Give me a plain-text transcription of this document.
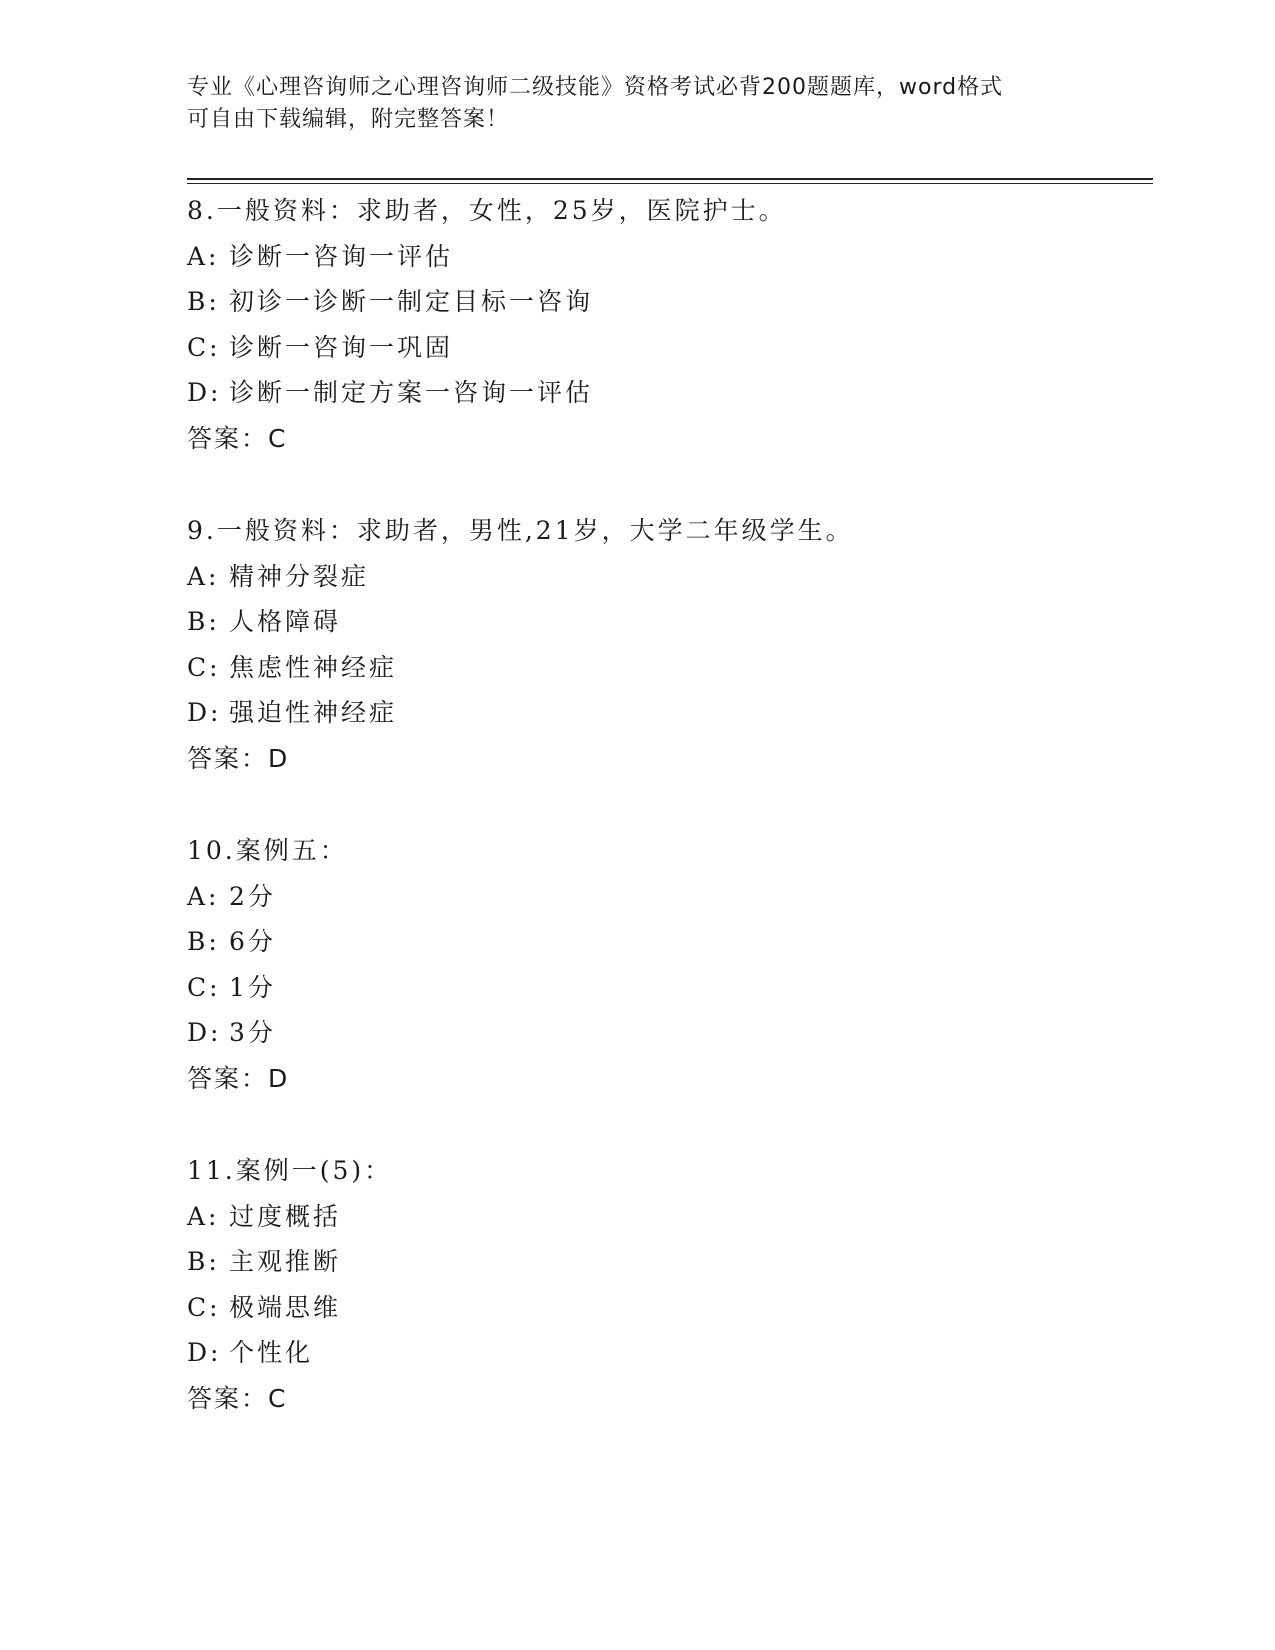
专业《心理咨询师之心理咨询师二级技能》资格考试必背200题题库，word格式
可自由下载编辑，附完整答案！
8.一般资料：求助者，女性，25岁，医院护士。
A: 诊断一咨询一评估
B: 初诊一诊断一制定目标一咨询
C: 诊断一咨询一巩固
D: 诊断一制定方案一咨询一评估
答案：C
9.一般资料：求助者，男性,21岁，大学二年级学生。
A: 精神分裂症
B: 人格障碍
C: 焦虑性神经症
D: 强迫性神经症
答案：D
10.案例五：
A: 2分
B: 6分
C: 1分
D: 3分
答案：D
11.案例一(5)：
A: 过度概括
B: 主观推断
C: 极端思维
D: 个性化
答案：C
